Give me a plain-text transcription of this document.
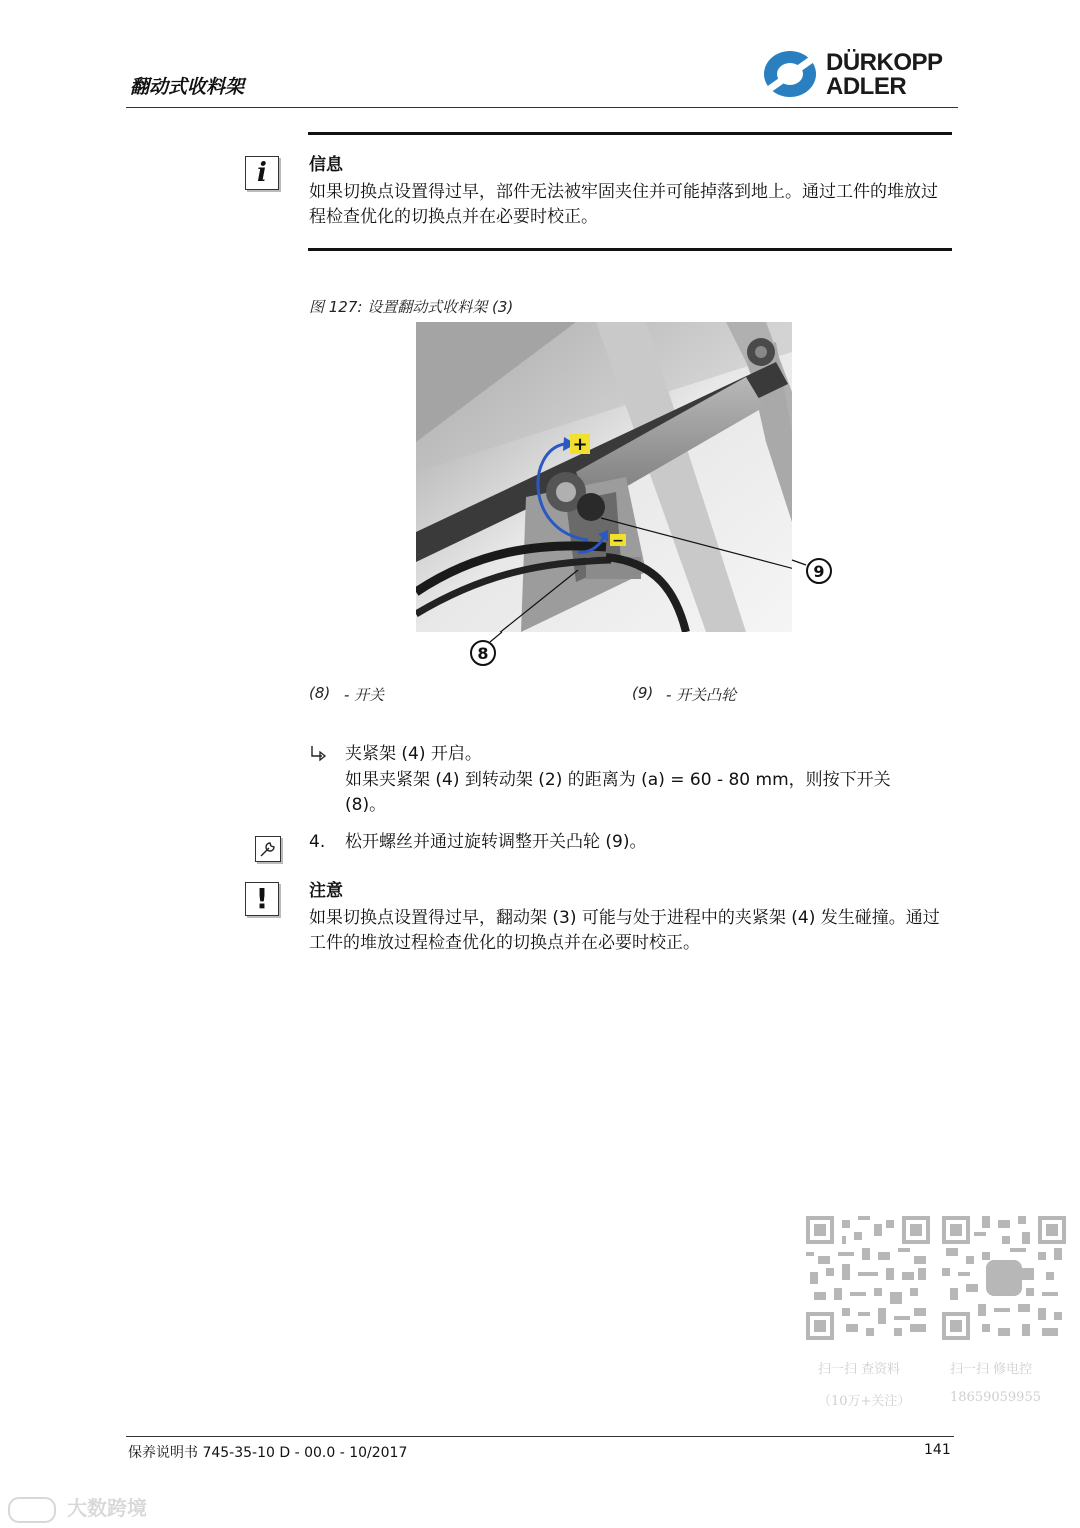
翻动式收料架
DÜRKOPP
ADLER
i 信息
如果切换点设置得过早，部件无法被牢固夹住并可能掉落到地上。通过工件的堆放过程检查优化的切换点并在必要时校正。
图 127: 设置翻动式收料架 (3)
+
−
9
8
(8) - 开关	(9) - 开关凸轮
夹紧架 (4) 开启。
如果夹紧架 (4) 到转动架 (2) 的距离为 (a) = 60 - 80 mm，则按下开关 (8)。
4.	松开螺丝并通过旋转调整开关凸轮 (9)。
! 注意
如果切换点设置得过早，翻动架 (3) 可能与处于进程中的夹紧架 (4) 发生碰撞。通过工件的堆放过程检查优化的切换点并在必要时校正。
扫一扫 查资料
（10万+关注）
扫一扫 修电控
18659059955
保养说明书 745-35-10 D - 00.0 - 10/2017	141
大数跨境
